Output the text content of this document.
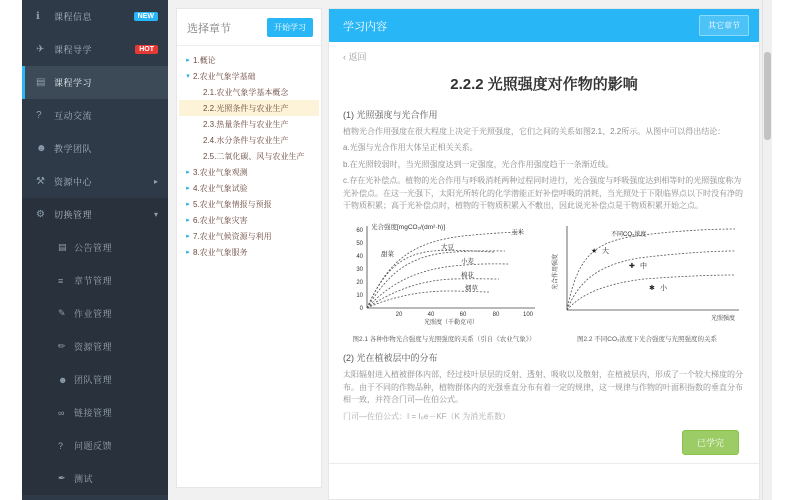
ℹ	课程信息	NEW
✈	课程导学	HOT
▤ 课程学习
?	互动交流
☻ 教学团队
⚒	资源中心	▸
⚙	切换管理	▾
▤ 公告管理
≡	章节管理
✎ 作业管理
✏ 资源管理
☻ 团队管理
∞	链接管理
?	问题反馈
✒ 测试
选择章节	开始学习
▸ 1.概论
▾ 2.农业气象学基础
2.1.农业气象学基本概念
2.2.光照条件与农业生产
2.3.热量条件与农业生产
2.4.水分条件与农业生产
2.5.二氧化碳、风与农业生产
▸ 3.农业气象观测
▸ 4.农业气象试验
▸ 5.农业气象情报与预报
▸ 6.农业气象灾害
▸ 7.农业气候资源与利用
▸ 8.农业气象服务
学习内容	其它章节
‹ 返回
2.2.2 光照强度对作物的影响
(1) 光照强度与光合作用

植物光合作用强度在很大程度上决定于光照强度，它们之间的关系如图2.1、2.2所示。从图中可以得出结论：

a.光强与光合作用大体呈正相关关系。

b.在光照较弱时，当光照强度达到一定强度，光合作用强度趋于一条渐近线。

c.存在光补偿点。植物的光合作用与呼吸消耗两种过程同时进行，光合强度与呼吸强度达到相等时的光照强度称为光补偿点。在这一光强下，太阳光所转化的化学潜能正好补偿呼吸的消耗，当光照处于下限临界点以下时没有净的干物质积累；高于光补偿点时，植物的干物质积累入不敷出，因此说光补偿点是干物质积累开始之点。

光合强度[mgCO₂/(dm²·h)]
0
10
20
30
40
50
60
20	40	60	80	100
光照度（千勒克司）
玉米
甜菜
大豆
小麦
棉花
烟草
图2.1 各种作物光合强度与光照强度的关系（引自《农业气象》）
光合作用强度
不同CO₂浓度
★ 大
✚ 中
✱ 小
光照强度
图2.2 不同CO₂浓度下光合强度与光照强度的关系
(2) 光在植被层中的分布

太阳辐射进入植被群体内部，经过枝叶层层的反射、透射、吸收以及散射，在植被层内，形成了一个较大梯度的分布。由于不同的作物品种，植物群体内的光强垂直分布有着一定的规律，这一规律与作物的叶面积指数的垂直分布相一致，并符合门司—佐伯公式。

门司—佐伯公式：I = I₀e－KF（K 为消光系数）

已学完
